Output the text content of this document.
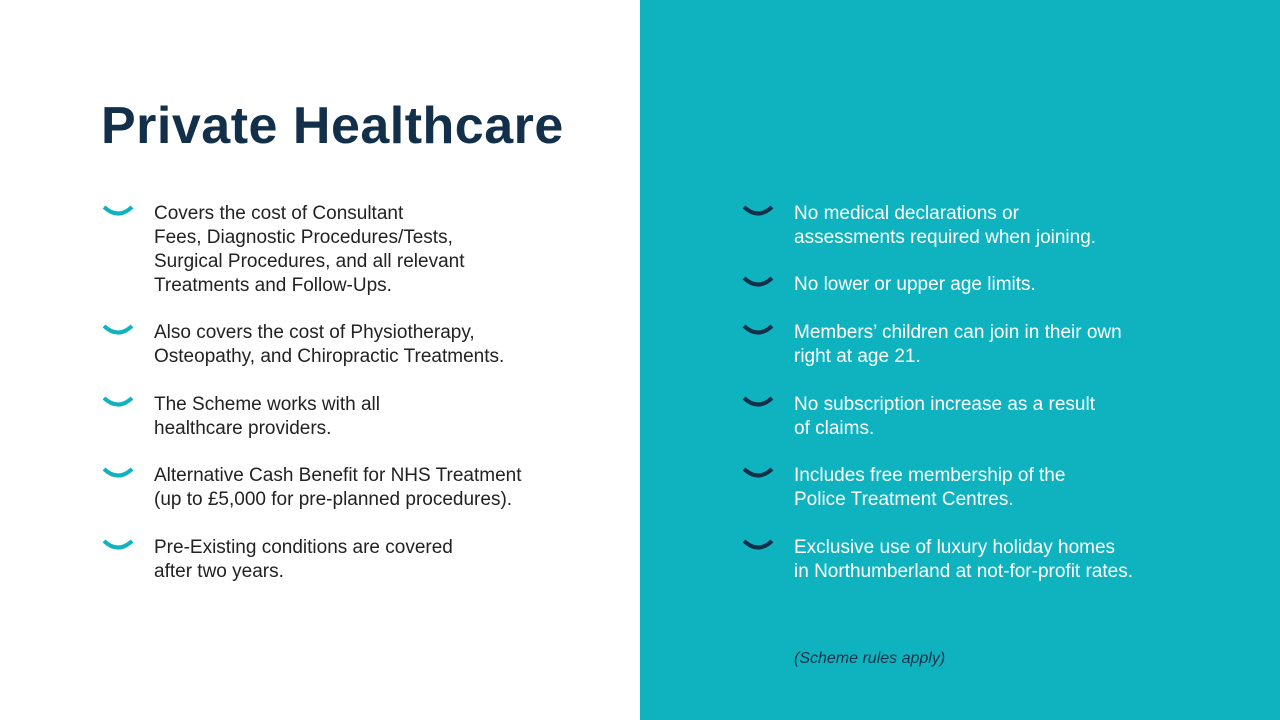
Private Healthcare
Covers the cost of Consultant
Fees, Diagnostic Procedures/Tests,
Surgical Procedures, and all relevant
Treatments and Follow-Ups.
Also covers the cost of Physiotherapy,
Osteopathy, and Chiropractic Treatments.
The Scheme works with all
healthcare providers.
Alternative Cash Benefit for NHS Treatment
(up to £5,000 for pre-planned procedures).
Pre-Existing conditions are covered
after two years.
No medical declarations or
assessments required when joining.
No lower or upper age limits.
Members’ children can join in their own
right at age 21.
No subscription increase as a result
of claims.
Includes free membership of the
Police Treatment Centres.
Exclusive use of luxury holiday homes
in Northumberland at not-for-profit rates.
(Scheme rules apply)
